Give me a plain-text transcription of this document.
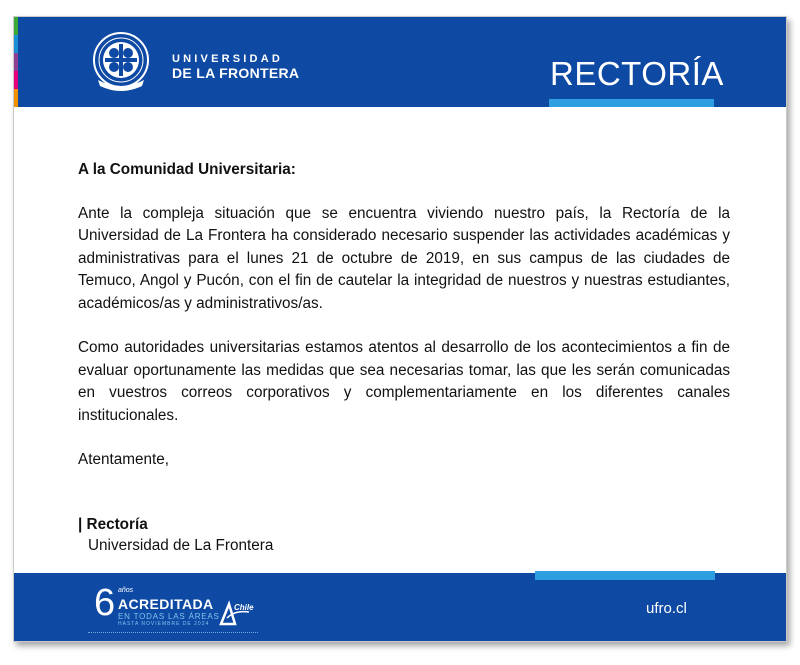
UNIVERSIDAD
DE LA FRONTERA	RECTORÍA

A la Comunidad Universitaria:

Ante la compleja situación que se encuentra viviendo nuestro país, la Rectoría de la Universidad de La Frontera ha considerado necesario suspender las actividades académicas y administrativas para el lunes 21 de octubre de 2019, en sus campus de las ciudades de Temuco, Angol y Pucón, con el fin de cautelar la integridad de nuestros y nuestras estudiantes, académicos/as y administrativos/as.

Como autoridades universitarias estamos atentos al desarrollo de los acontecimientos a fin de evaluar oportunamente las medidas que sea necesarias tomar, las que les serán comunicadas en vuestros correos corporativos y complementariamente en los diferentes canales institucionales.

Atentamente,

| Rectoría

Universidad de La Frontera

6 años
ACREDITADA
EN TODAS LAS ÁREAS
HASTA NOVIEMBRE DE 2024
Chile	ufro.cl
